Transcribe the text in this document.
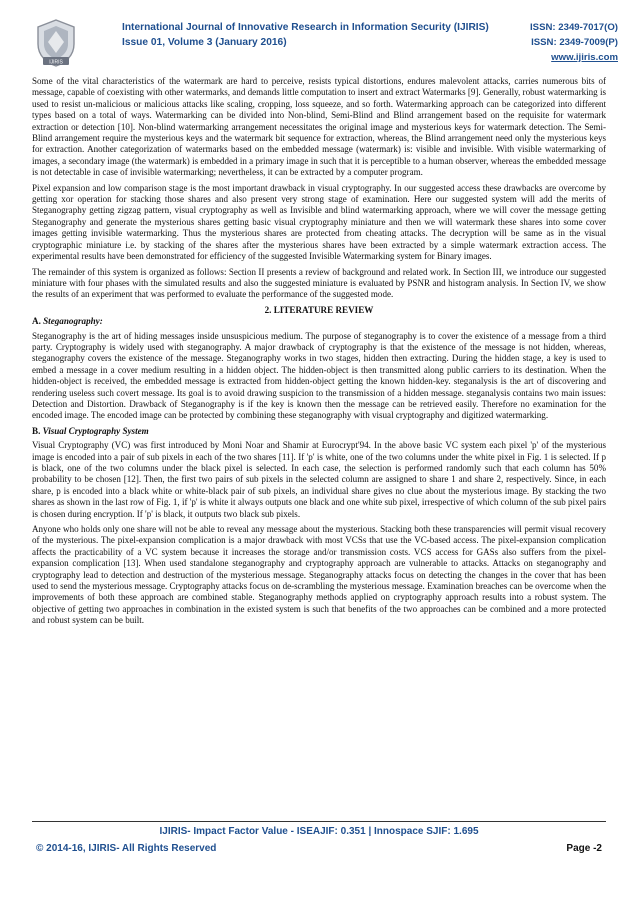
IJIRIS
International Journal of Innovative Research in Information Security (IJIRIS)
Issue 01, Volume 3 (January 2016)
ISSN: 2349-7017(O)
ISSN: 2349-7009(P)
www.ijiris.com

Some of the vital characteristics of the watermark are hard to perceive, resists typical distortions, endures malevolent attacks, carries numerous bits of message, capable of coexisting with other watermarks, and demands little computation to insert and extract Watermarks [9]. Generally, robust watermarking is used to resist un-malicious or malicious attacks like scaling, cropping, loss squeeze, and so forth. Watermarking approach can be categorized into different types based on a total of ways. Watermarking can be divided into Non-blind, Semi-Blind and Blind arrangement based on the requisite for watermark extraction or detection [10]. Non-blind watermarking arrangement necessitates the original image and mysterious keys for watermark detection. The Semi-Blind arrangement require the mysterious keys and the watermark bit sequence for extraction, whereas, the Blind arrangement need only the mysterious keys for extraction. Another categorization of watermarks based on the embedded message (watermark) is: visible and invisible. With visible watermarking of images, a secondary image (the watermark) is embedded in a primary image in such that it is perceptible to a human observer, whereas the embedded message is not detectable in case of invisible watermarking; nevertheless, it can be extracted by a computer program.

Pixel expansion and low comparison stage is the most important drawback in visual cryptography. In our suggested access these drawbacks are overcome by getting xor operation for stacking those shares and also present very strong stage of examination. Here our suggested system will add the merits of Steganography getting zigzag pattern, visual cryptography as well as Invisible and blind watermarking approach, where we will cover the message getting Steganography and generate the mysterious shares getting basic visual cryptography miniature and then we will watermark these shares into some cover images getting invisible watermarking. Thus the mysterious shares are protected from cheating attacks. The decryption will be same as in the visual cryptographic miniature i.e. by stacking of the shares after the mysterious shares have been extracted by a simple watermark extraction access. The experimental results have been demonstrated for efficiency of the suggested Invisible Watermarking system for Binary images.

The remainder of this system is organized as follows: Section II presents a review of background and related work. In Section III, we introduce our suggested miniature with four phases with the simulated results and also the suggested miniature is evaluated by PSNR and histogram analysis. In Section IV, we show the results of an experiment that was performed to evaluate the performance of the suggested mode.

2. LITERATURE REVIEW
A. Steganography:

Steganography is the art of hiding messages inside unsuspicious medium. The purpose of steganography is to cover the existence of a message from a third party. Cryptography is widely used with steganography. A major drawback of cryptography is that the existence of the message is not hidden, whereas, steganography covers the existence of the message. Steganography works in two stages, hidden then extracting. During the hidden stage, a key is used to embed a message in a cover medium resulting in a hidden object. The hidden-object is then transmitted along public carriers to its destination. When the hidden-object is received, the embedded message is extracted from hidden-object getting the known hidden-key. steganalysis is the art of discovering and rendering useless such covert message. Its goal is to avoid drawing suspicion to the transmission of a hidden message. steganalysis contains two main issues: Detection and Distortion. Drawback of Steganography is if the key is known then the message can be retrieved easily. Therefore no examination for the encoded image. The encoded image can be protected by combining these steganography with visual cryptography and digitized watermarking.

B. Visual Cryptography System

Visual Cryptography (VC) was first introduced by Moni Noar and Shamir at Eurocrypt'94. In the above basic VC system each pixel 'p' of the mysterious image is encoded into a pair of sub pixels in each of the two shares [11]. If 'p' is white, one of the two columns under the white pixel in Fig. 1 is selected. If p is black, one of the two columns under the black pixel is selected. In each case, the selection is performed randomly such that each column has 50% probability to be chosen [12]. Then, the first two pairs of sub pixels in the selected column are assigned to share 1 and share 2, respectively. Since, in each share, p is encoded into a black white or white-black pair of sub pixels, an individual share gives no clue about the mysterious image. By stacking the two shares as shown in the last row of Fig. 1, if 'p' is white it always outputs one black and one white sub pixel, irrespective of which column of the sub pixel pairs is chosen during encryption. If 'p' is black, it outputs two black sub pixels.

Anyone who holds only one share will not be able to reveal any message about the mysterious. Stacking both these transparencies will permit visual recovery of the mysterious. The pixel-expansion complication is a major drawback with most VCSs that use the VC-based access. The pixel-expansion complication affects the practicability of a VC system because it increases the storage and/or transmission costs. VCS access for GASs also suffers from the pixel-expansion complication [13]. When used standalone steganography and cryptography approach are vulnerable to attacks. Attacks on steganography and cryptography lead to detection and destruction of the mysterious message. Steganography attacks focus on detecting the changes in the cover that has been used to send the mysterious message. Cryptography attacks focus on de-scrambling the mysterious message. Examination breaches can be overcome when the improvements of both these approach are combined stable. Steganography methods applied on cryptography approach results into a robust system. The objective of getting two approaches in combination in the existed system is such that benefits of the two approaches can be combined and a more protected and robust system can be built.

IJIRIS- Impact Factor Value - ISEAJIF: 0.351 | Innospace SJIF: 1.695
© 2014-16, IJIRIS- All Rights Reserved	Page -2
